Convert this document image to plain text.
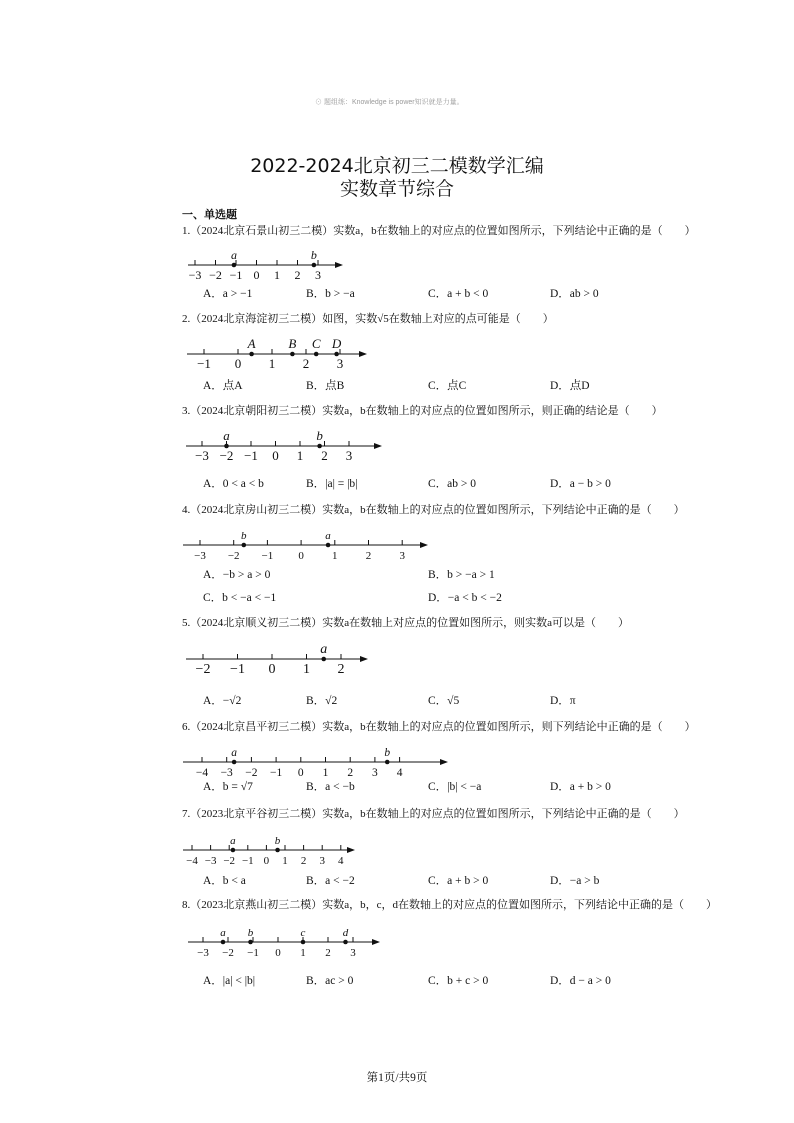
⊙ 题组练：Knowledge is power知识就是力量。
2022-2024北京初三二模数学汇编
实数章节综合
一、单选题
1.（2024北京石景山初三二模）实数a，b在数轴上的对应点的位置如图所示，下列结论中正确的是（　　）
−3 −2 −1 0 1 2 3
a	b
A．a > −1	B．b > −a	C．a + b < 0	D．ab > 0
2.（2024北京海淀初三二模）如图，实数√5在数轴上对应的点可能是（　　）
−1 0 1 2 3
A	B C D
A．点A	B．点B	C．点C	D．点D
3.（2024北京朝阳初三二模）实数a，b在数轴上的对应点的位置如图所示，则正确的结论是（　　）
−3 −2 −1 0 1 2 3
a	b
A．0 < a < b	B．|a| = |b|	C．ab > 0	D．a − b > 0
4.（2024北京房山初三二模）实数a，b在数轴上的对应点的位置如图所示，下列结论中正确的是（　　）
−3 −2 −1 0	1	2	3
b	a
A．−b > a > 0	B．b > −a > 1
C．b < −a < −1	D．−a < b < −2
5.（2024北京顺义初三二模）实数a在数轴上对应点的位置如图所示，则实数a可以是（　　）
−2 −1 0 1 2
a
A．−√2	B．√2	C．√5	D．π
6.（2024北京昌平初三二模）实数a，b在数轴上的对应点的位置如图所示，则下列结论中正确的是（　　）
−4 −3 −2 −1 0 1 2 3 4
a	b
A．b = √7	B．a < −b	C．|b| < −a	D．a + b > 0
7.（2023北京平谷初三二模）实数a，b在数轴上的对应点的位置如图所示，下列结论中正确的是（　　）
−4 −3 −2 −1 0 1 2 3 4
a	b
A．b < a	B．a < −2	C．a + b > 0	D．−a > b
8.（2023北京燕山初三二模）实数a，b，c，d在数轴上的对应点的位置如图所示，下列结论中正确的是（　　）
−3 −2 −1 0 1 2 3
a b	c	d
A．|a| < |b|	B．ac > 0	C．b + c > 0	D．d − a > 0
第1页/共9页
